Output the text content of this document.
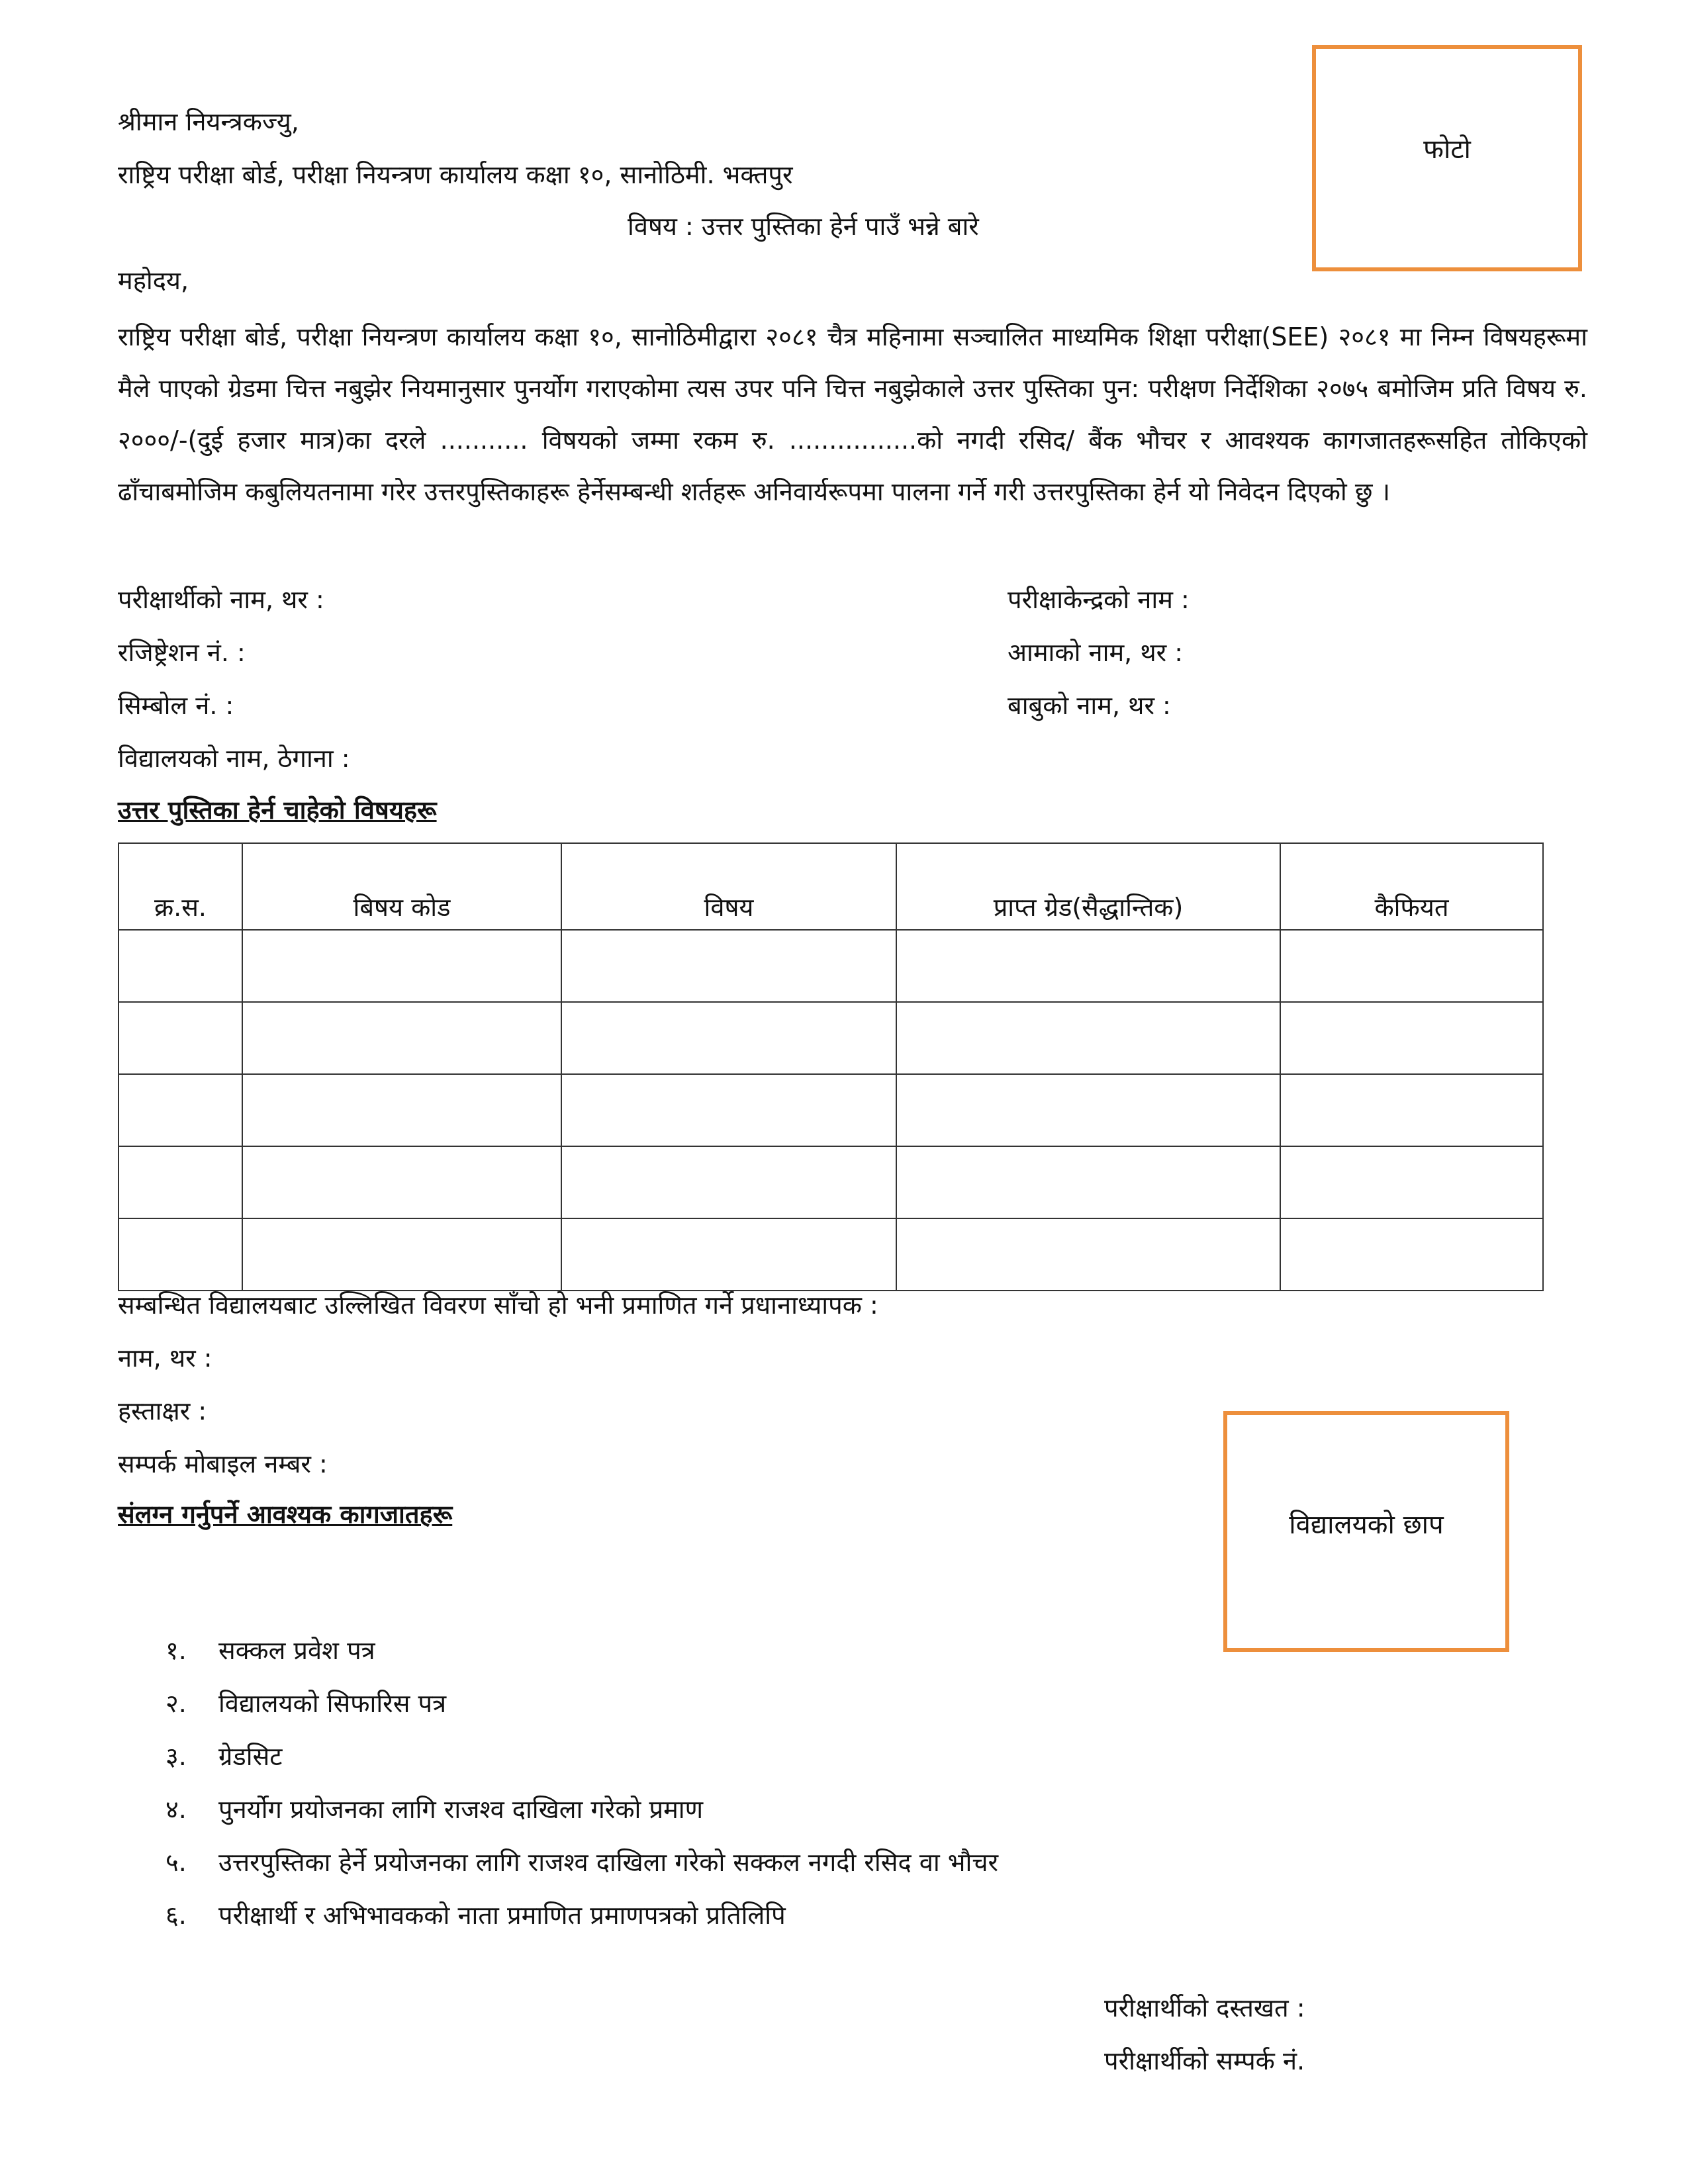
फोटो
श्रीमान नियन्त्रकज्यु,
राष्ट्रिय परीक्षा बोर्ड, परीक्षा नियन्त्रण कार्यालय कक्षा १०, सानोठिमी. भक्तपुर
विषय : उत्तर पुस्तिका हेर्न पाउँ भन्ने बारे
महोदय,
राष्ट्रिय परीक्षा बोर्ड, परीक्षा नियन्त्रण कार्यालय कक्षा १०, सानोठिमीद्वारा २०८१ चैत्र महिनामा सञ्चालित माध्यमिक शिक्षा परीक्षा(SEE) २०८१ मा निम्न विषयहरूमा मैले पाएको ग्रेडमा चित्त नबुझेर नियमानुसार पुनर्योग गराएकोमा त्यस उपर पनि चित्त नबुझेकाले उत्तर पुस्तिका पुन: परीक्षण निर्देशिका २०७५ बमोजिम प्रति विषय रु. २०००/-(दुई हजार मात्र)का दरले ........... विषयको जम्मा रकम रु. ................को नगदी रसिद/ बैंक भौचर र आवश्यक कागजातहरूसहित तोकिएको ढाँचाबमोजिम कबुलियतनामा गरेर उत्तरपुस्तिकाहरू हेर्नेसम्बन्धी शर्तहरू अनिवार्यरूपमा पालना गर्ने गरी उत्तरपुस्तिका हेर्न यो निवेदन दिएको छु ।
परीक्षार्थीको नाम, थर :	परीक्षाकेन्द्रको नाम :
रजिष्ट्रेशन नं. :	आमाको नाम, थर :
सिम्बोल नं. :	बाबुको नाम, थर :
विद्यालयको नाम, ठेगाना :
उत्तर पुस्तिका हेर्न चाहेको विषयहरू
क्र.स.	बिषय कोड	विषय	प्राप्त ग्रेड(सैद्धान्तिक)	कैफियत

सम्बन्धित विद्यालयबाट उल्लिखित विवरण साँचो हो भनी प्रमाणित गर्ने प्रधानाध्यापक :
नाम, थर :
हस्ताक्षर :
सम्पर्क मोबाइल नम्बर :
विद्यालयको छाप
संलग्न गर्नुपर्ने आवश्यक कागजातहरू
१. सक्कल प्रवेश पत्र
२. विद्यालयको सिफारिस पत्र
३. ग्रेडसिट
४. पुनर्योग प्रयोजनका लागि राजश्व दाखिला गरेको प्रमाण
५. उत्तरपुस्तिका हेर्ने प्रयोजनका लागि राजश्व दाखिला गरेको सक्कल नगदी रसिद वा भौचर
६. परीक्षार्थी र अभिभावकको नाता प्रमाणित प्रमाणपत्रको प्रतिलिपि
परीक्षार्थीको दस्तखत :
परीक्षार्थीको सम्पर्क नं.
